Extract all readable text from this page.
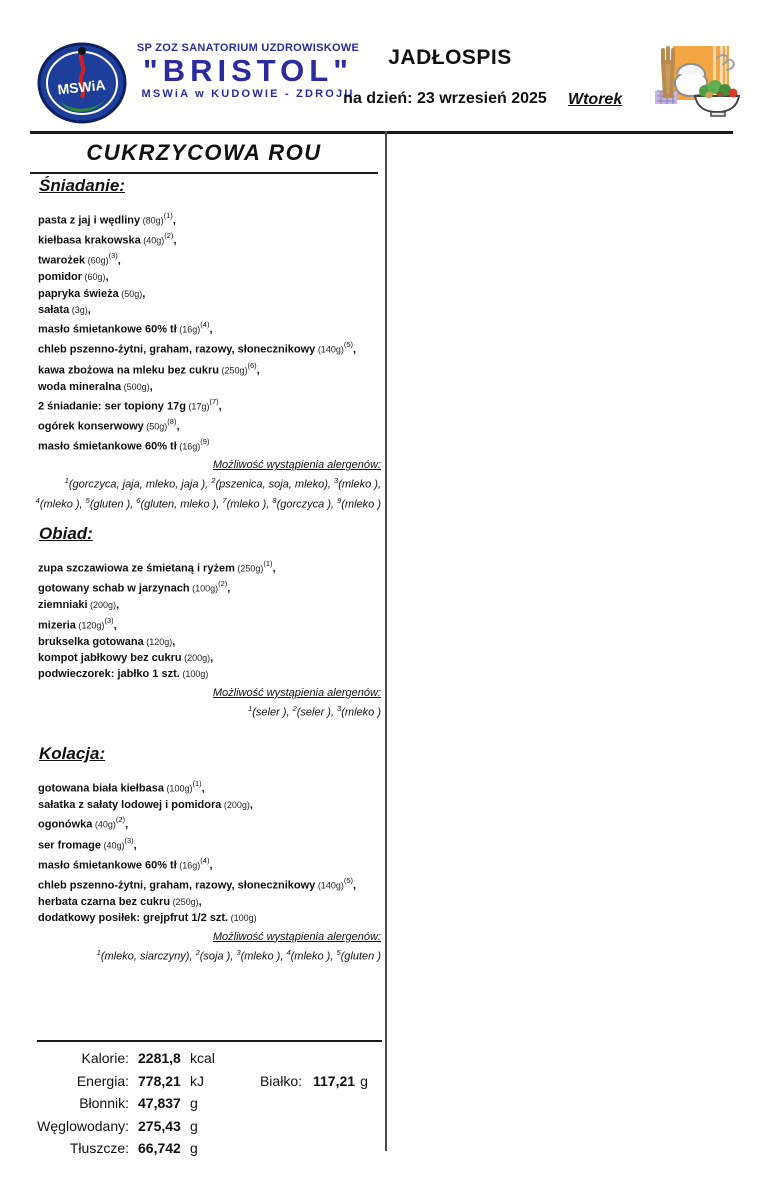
MSWiA
SP ZOZ SANATORIUM UZDROWISKOWE
"BRISTOL"
MSWiA w KUDOWIE - ZDROJU
JADŁOSPIS
na dzień: 23 wrzesień 2025	Wtorek
CUKRZYCOWA ROU
Śniadanie:
pasta z jaj i wędliny $(80g)^{(1)}$,
kiełbasa krakowska $(40g)^{(2)}$,
twarożek $(60g)^{(3)}$,
pomidor (60g),
papryka świeża (50g),
sałata (3g),
masło śmietankowe 60% tł $(16g)^{(4)}$,
chleb pszenno-żytni, graham, razowy, słonecznikowy $(140g)^{(5)}$,
kawa zbożowa na mleku bez cukru $(250g)^{(6)}$,
woda mineralna (500g),
2 śniadanie: ser topiony 17g $(17g)^{(7)}$,
ogórek konserwowy $(50g)^{(8)}$,
masło śmietankowe 60% tł $(16g)^{(9)}$
Możliwość wystąpienia alergenów:
$^1$(gorczyca, jaja, mleko, jaja ), $^2$(pszenica, soja, mleko), $^3$(mleko ), $^4$(mleko ), $^5$(gluten ), $^6$(gluten, mleko ), $^7$(mleko ), $^8$(gorczyca ), $^9$(mleko )
Obiad:
zupa szczawiowa ze śmietaną i ryżem $(250g)^{(1)}$,
gotowany schab w jarzynach $(100g)^{(2)}$,
ziemniaki (200g),
mizeria $(120g)^{(3)}$,
brukselka gotowana (120g),
kompot jabłkowy bez cukru (200g),
podwieczorek: jabłko 1 szt. (100g)
Możliwość wystąpienia alergenów:
$^1$(seler ), $^2$(seler ), $^3$(mleko )
Kolacja:
gotowana biała kiełbasa $(100g)^{(1)}$,
sałatka z sałaty lodowej i pomidora (200g),
ogonówka $(40g)^{(2)}$,
ser fromage $(40g)^{(3)}$,
masło śmietankowe 60% tł $(16g)^{(4)}$,
chleb pszenno-żytni, graham, razowy, słonecznikowy $(140g)^{(5)}$,
herbata czarna bez cukru (250g),
dodatkowy posiłek: grejpfrut 1/2 szt. (100g)
Możliwość wystąpienia alergenów:
$^1$(mleko, siarczyny), $^2$(soja ), $^3$(mleko ), $^4$(mleko ), $^5$(gluten )
Kalorie: 2281,8 kcal
Energia: 778,21 kJ	Białko: 117,21 g
Błonnik: 47,837 g
Węglowodany: 275,43 g
Tłuszcze: 66,742 g
